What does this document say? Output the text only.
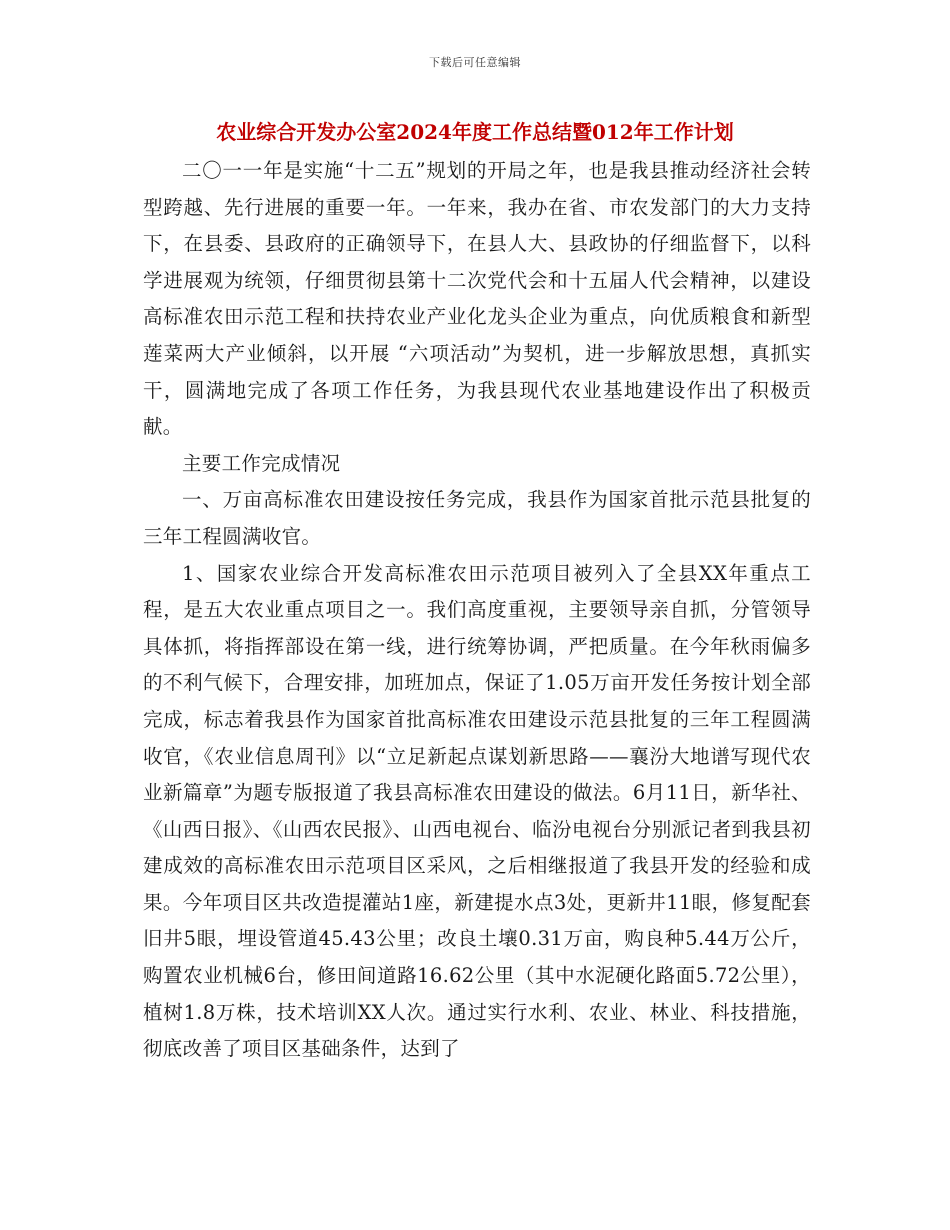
下载后可任意编辑
农业综合开发办公室2024年度工作总结暨012年工作计划

二〇一一年是实施“十二五”规划的开局之年，也是我县推动经济社会转型跨越、先行进展的重要一年。一年来，我办在省、市农发部门的大力支持下，在县委、县政府的正确领导下，在县人大、县政协的仔细监督下，以科学进展观为统领，仔细贯彻县第十二次党代会和十五届人代会精神，以建设高标准农田示范工程和扶持农业产业化龙头企业为重点，向优质粮食和新型莲菜两大产业倾斜，以开展 “六项活动”为契机，进一步解放思想，真抓实干，圆满地完成了各项工作任务，为我县现代农业基地建设作出了积极贡献。

主要工作完成情况

一、万亩高标准农田建设按任务完成，我县作为国家首批示范县批复的三年工程圆满收官。

1、国家农业综合开发高标准农田示范项目被列入了全县XX年重点工程，是五大农业重点项目之一。我们高度重视，主要领导亲自抓，分管领导具体抓，将指挥部设在第一线，进行统筹协调，严把质量。在今年秋雨偏多的不利气候下，合理安排，加班加点，保证了1.05万亩开发任务按计划全部完成，标志着我县作为国家首批高标准农田建设示范县批复的三年工程圆满收官，《农业信息周刊》以“立足新起点谋划新思路——襄汾大地谱写现代农业新篇章”为题专版报道了我县高标准农田建设的做法。6月11日，新华社、《山西日报》、《山西农民报》、山西电视台、临汾电视台分别派记者到我县初建成效的高标准农田示范项目区采风，之后相继报道了我县开发的经验和成果。今年项目区共改造提灌站1座，新建提水点3处，更新井11眼，修复配套旧井5眼，埋设管道45.43公里；改良土壤0.31万亩，购良种5.44万公斤，购置农业机械6台，修田间道路16.62公里（其中水泥硬化路面5.72公里），植树1.8万株，技术培训XX人次。通过实行水利、农业、林业、科技措施，彻底改善了项目区基础条件，达到了
